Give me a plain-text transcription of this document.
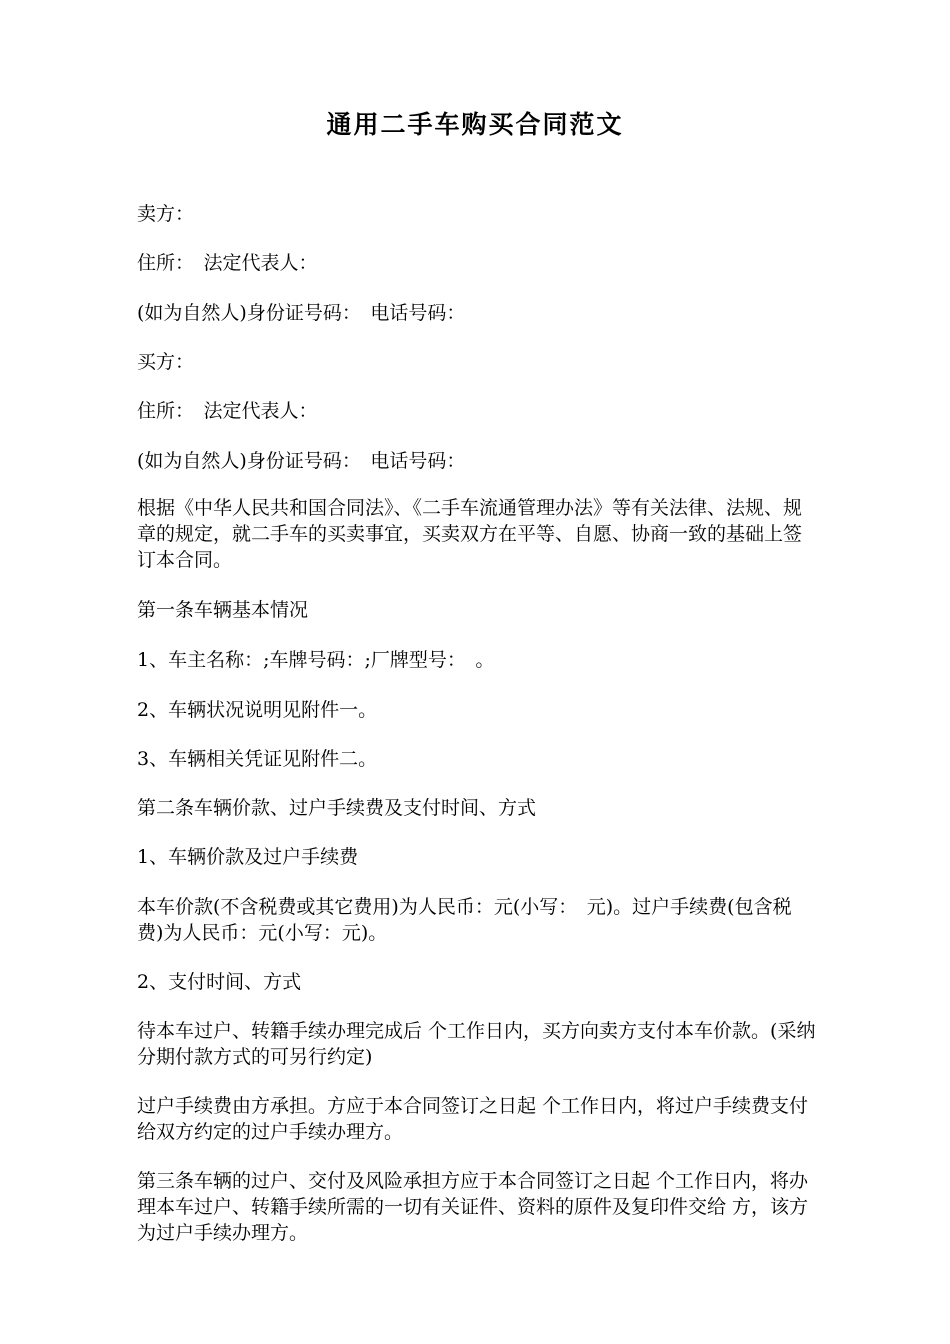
通用二手车购买合同范文

卖方：

住所：　法定代表人：

(如为自然人)身份证号码：　电话号码：

买方：

住所：　法定代表人：

(如为自然人)身份证号码：　电话号码：

根据《中华人民共和国合同法》、《二手车流通管理办法》等有关法律、法规、规章的规定，就二手车的买卖事宜，买卖双方在平等、自愿、协商一致的基础上签订本合同。

第一条车辆基本情况

1、车主名称：;车牌号码：;厂牌型号：　。

2、车辆状况说明见附件一。

3、车辆相关凭证见附件二。

第二条车辆价款、过户手续费及支付时间、方式

1、车辆价款及过户手续费

本车价款(不含税费或其它费用)为人民币：元(小写：　元)。过户手续费(包含税费)为人民币：元(小写：元)。

2、支付时间、方式

待本车过户、转籍手续办理完成后 个工作日内，买方向卖方支付本车价款。(采纳分期付款方式的可另行约定)

过户手续费由方承担。方应于本合同签订之日起 个工作日内，将过户手续费支付给双方约定的过户手续办理方。

第三条车辆的过户、交付及风险承担方应于本合同签订之日起 个工作日内，将办理本车过户、转籍手续所需的一切有关证件、资料的原件及复印件交给 方，该方为过户手续办理方。
